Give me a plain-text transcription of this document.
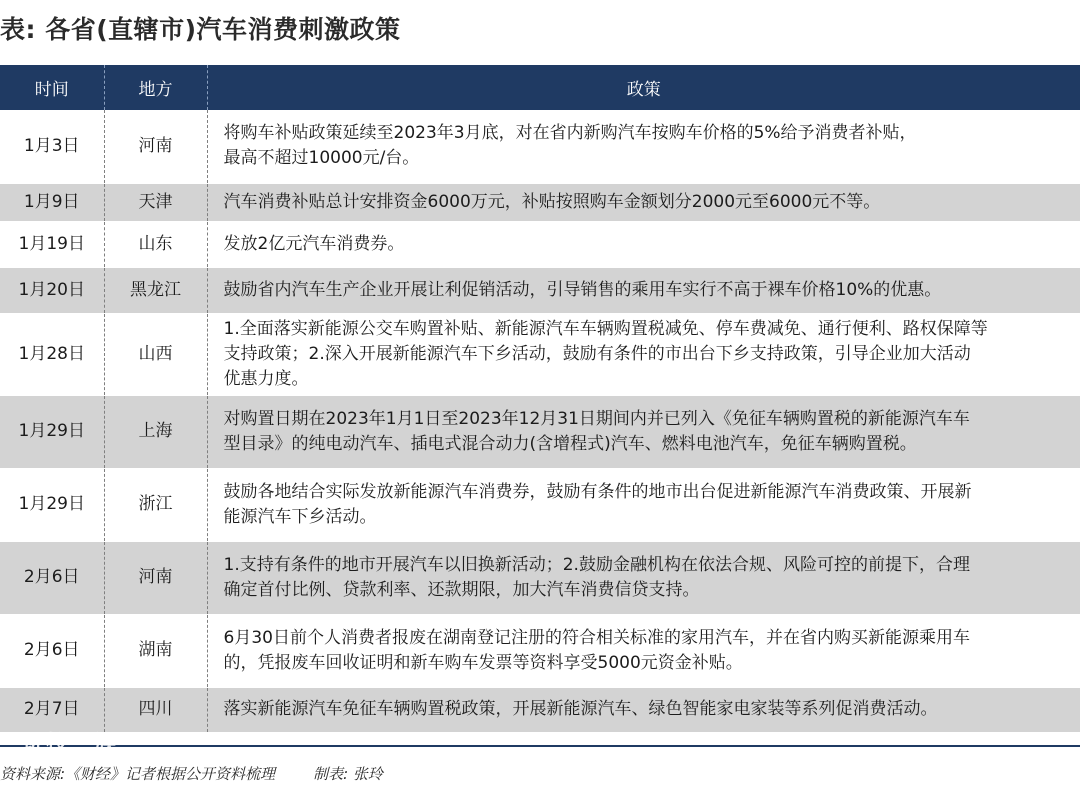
表: 各省(直辖市)汽车消费刺激政策
时间	地方	政策
1月3日	河南	将购车补贴政策延续至2023年3月底，对在省内新购汽车按购车价格的5%给予消费者补贴，
最高不超过10000元/台。

1月9日	天津	汽车消费补贴总计安排资金6000万元，补贴按照购车金额划分2000元至6000元不等。

1月19日	山东	发放2亿元汽车消费券。

1月20日	黑龙江	鼓励省内汽车生产企业开展让利促销活动，引导销售的乘用车实行不高于裸车价格10%的优惠。

1月28日	山西	1.全面落实新能源公交车购置补贴、新能源汽车车辆购置税减免、停车费减免、通行便利、路权保障等
支持政策；2.深入开展新能源汽车下乡活动，鼓励有条件的市出台下乡支持政策，引导企业加大活动
优惠力度。

1月29日	上海	对购置日期在2023年1月1日至2023年12月31日期间内并已列入《免征车辆购置税的新能源汽车车
型目录》的纯电动汽车、插电式混合动力(含增程式)汽车、燃料电池汽车，免征车辆购置税。

1月29日	浙江	鼓励各地结合实际发放新能源汽车消费券，鼓励有条件的地市出台促进新能源汽车消费政策、开展新
能源汽车下乡活动。

2月6日	河南	1.支持有条件的地市开展汽车以旧换新活动；2.鼓励金融机构在依法合规、风险可控的前提下，合理
确定首付比例、贷款利率、还款期限，加大汽车消费信贷支持。

2月6日	湖南	6月30日前个人消费者报废在湖南登记注册的符合相关标准的家用汽车，并在省内购买新能源乘用车
的，凭报废车回收证明和新车购车发票等资料享受5000元资金补贴。

2月7日	四川	落实新能源汽车免征车辆购置税政策，开展新能源汽车、绿色智能家电家装等系列促消费活动。
资料来源:《财经》记者根据公开资料梳理	制表: 张玲
玩技一族
